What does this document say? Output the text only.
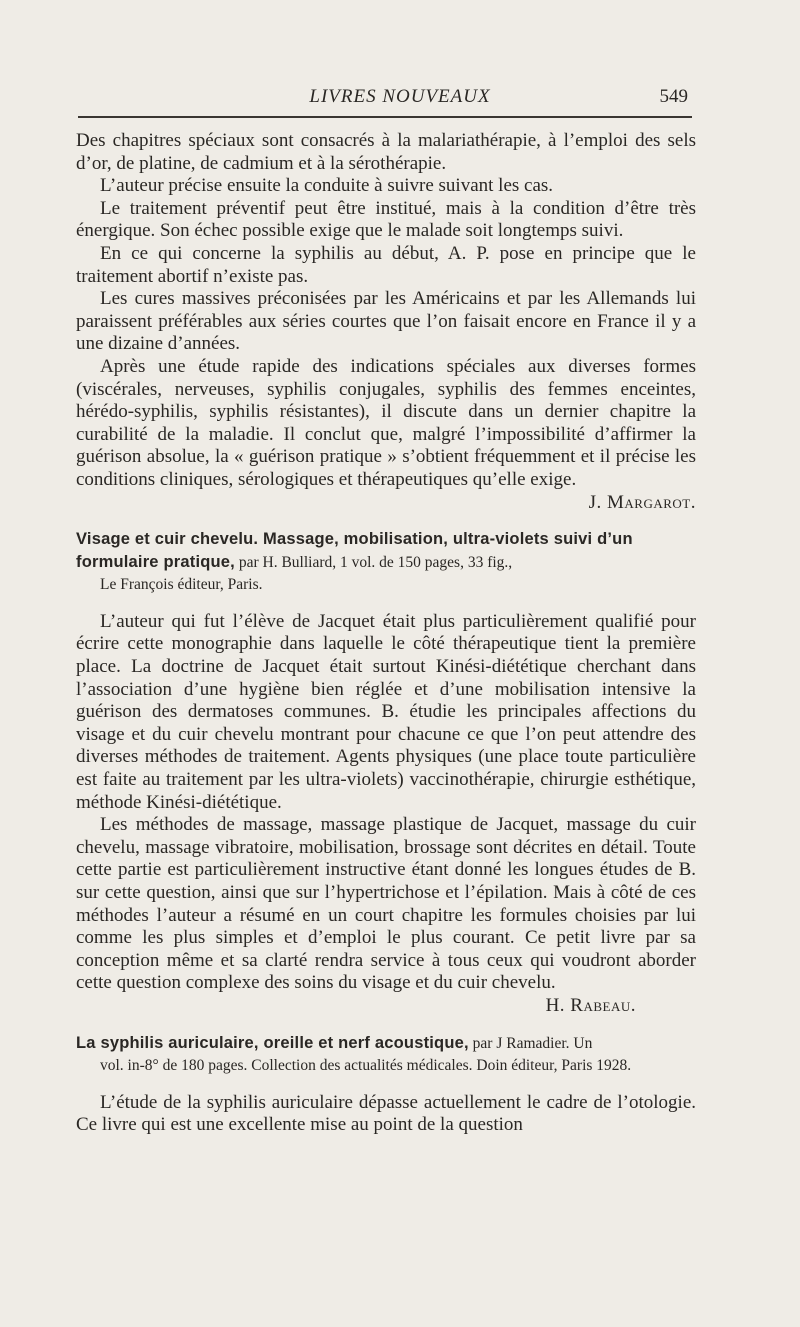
LIVRES NOUVEAUX	549

Des chapitres spéciaux sont consacrés à la malariathérapie, à l’emploi des sels d’or, de platine, de cadmium et à la sérothérapie.

L’auteur précise ensuite la conduite à suivre suivant les cas.

Le traitement préventif peut être institué, mais à la condition d’être très énergique. Son échec possible exige que le malade soit longtemps suivi.

En ce qui concerne la syphilis au début, A. P. pose en principe que le traitement abortif n’existe pas.

Les cures massives préconisées par les Américains et par les Allemands lui paraissent préférables aux séries courtes que l’on faisait encore en France il y a une dizaine d’années.

Après une étude rapide des indications spéciales aux diverses formes (viscérales, nerveuses, syphilis conjugales, syphilis des femmes enceintes, hérédo-syphilis, syphilis résistantes), il discute dans un dernier chapitre la curabilité de la maladie. Il conclut que, malgré l’impossibilité d’affirmer la guérison absolue, la « guérison pratique » s’obtient fréquemment et il précise les conditions cliniques, sérologiques et thérapeutiques qu’elle exige.

J. Margarot.
Visage et cuir chevelu. Massage, mobilisation, ultra-violets suivi d’un formulaire pratique, par H. Bulliard, 1 vol. de 150 pages, 33 fig.,
Le François éditeur, Paris.

L’auteur qui fut l’élève de Jacquet était plus particulièrement qualifié pour écrire cette monographie dans laquelle le côté thérapeutique tient la première place. La doctrine de Jacquet était surtout Kinési-diététique cherchant dans l’association d’une hygiène bien réglée et d’une mobilisation intensive la guérison des dermatoses communes. B. étudie les principales affections du visage et du cuir chevelu montrant pour chacune ce que l’on peut attendre des diverses méthodes de traitement. Agents physiques (une place toute particulière est faite au traitement par les ultra-violets) vaccinothérapie, chirurgie esthétique, méthode Kinési-diététique.

Les méthodes de massage, massage plastique de Jacquet, massage du cuir chevelu, massage vibratoire, mobilisation, brossage sont décrites en détail. Toute cette partie est particulièrement instructive étant donné les longues études de B. sur cette question, ainsi que sur l’hypertrichose et l’épilation. Mais à côté de ces méthodes l’auteur a résumé en un court chapitre les formules choisies par lui comme les plus simples et d’emploi le plus courant. Ce petit livre par sa conception même et sa clarté rendra service à tous ceux qui voudront aborder cette question complexe des soins du visage et du cuir chevelu.

H. Rabeau.
La syphilis auriculaire, oreille et nerf acoustique, par J Ramadier. Un
vol. in-8° de 180 pages. Collection des actualités médicales. Doin éditeur, Paris 1928.

L’étude de la syphilis auriculaire dépasse actuellement le cadre de l’otologie. Ce livre qui est une excellente mise au point de la question
